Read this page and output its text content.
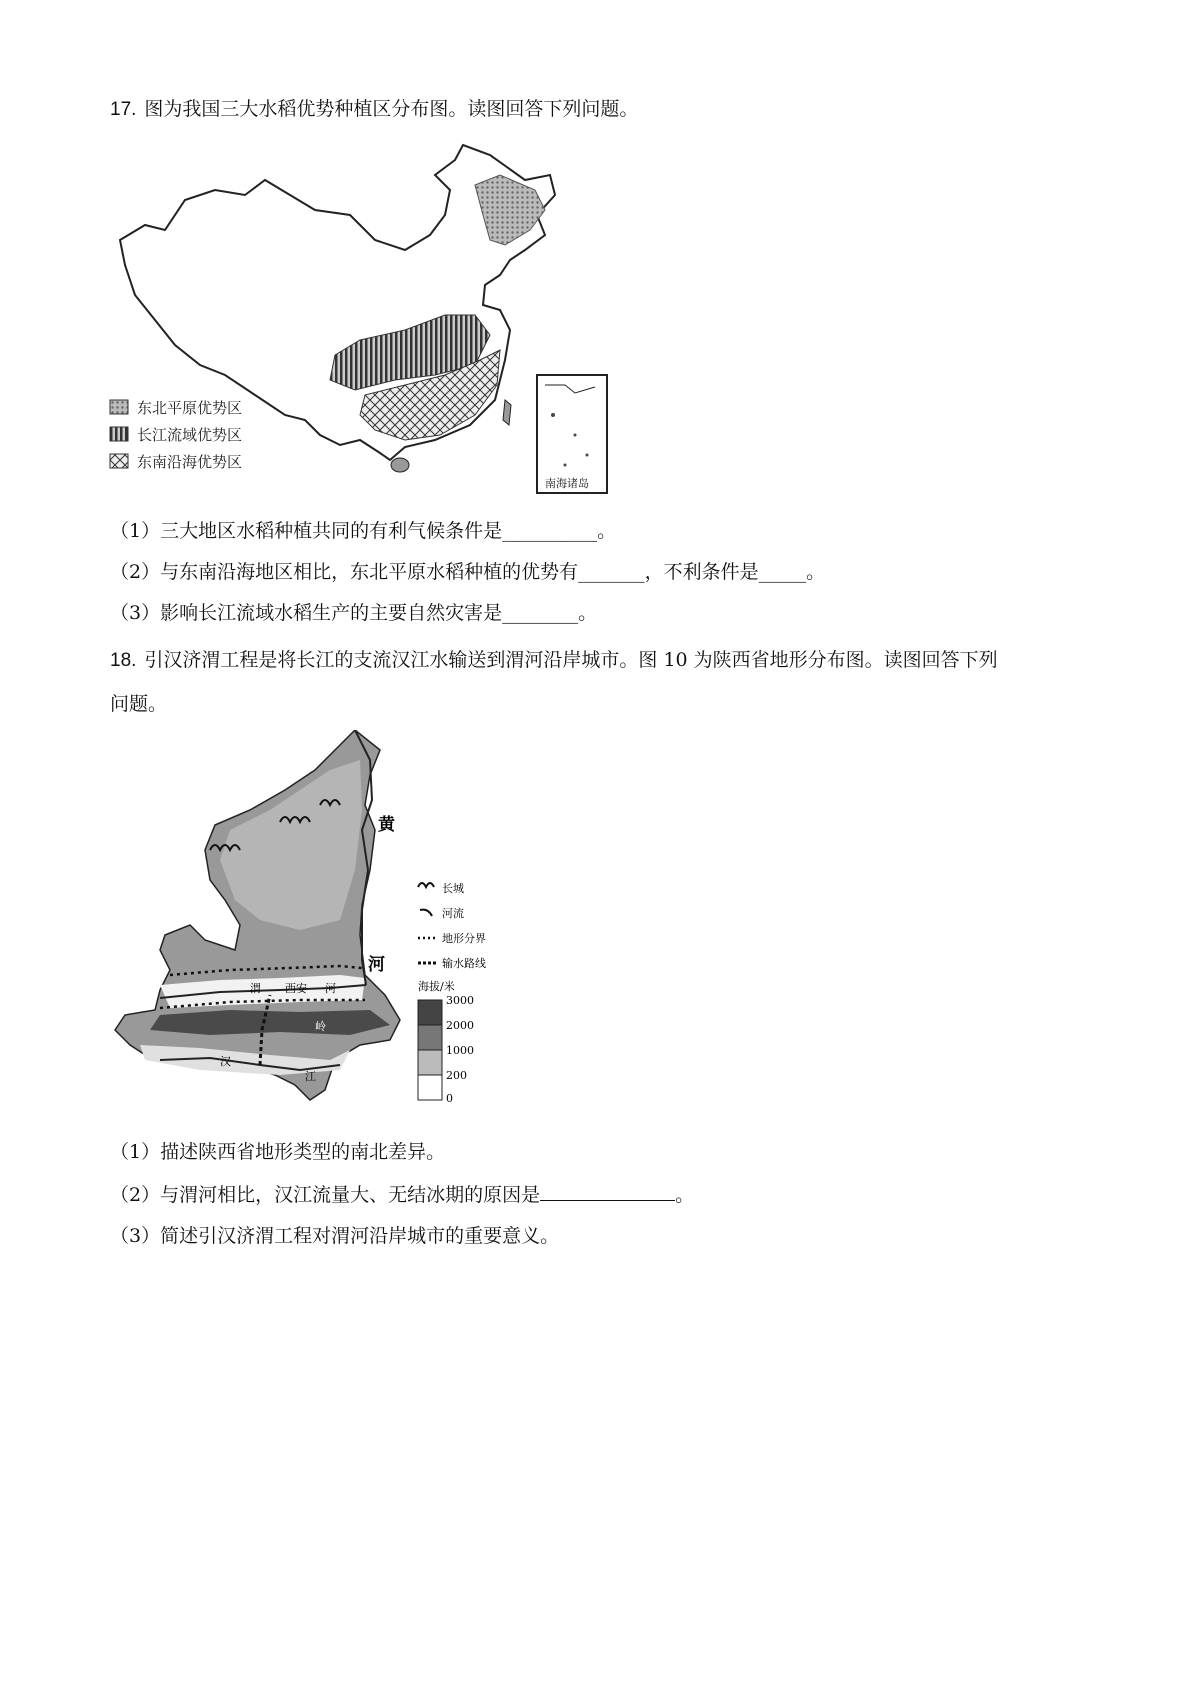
17. 图为我国三大水稻优势种植区分布图。读图回答下列问题。
南海诸岛
东北平原优势区
长江流域优势区
东南沿海优势区
（1）三大地区水稻种植共同的有利气候条件是__________。
（2）与东南沿海地区相比，东北平原水稻种植的优势有_______，不利条件是_____。
（3）影响长江流域水稻生产的主要自然灾害是________。
18. 引汉济渭工程是将长江的支流汉江水输送到渭河沿岸城市。图 10 为陕西省地形分布图。读图回答下列
问题。
黄
河
渭 西安 河
岭
汉
江
长城
河流
地形分界
输水路线
海拔/米
3000
2000
1000
200
0
（1）描述陕西省地形类型的南北差异。
（2）与渭河相比，汉江流量大、无结冰期的原因是	。
（3）简述引汉济渭工程对渭河沿岸城市的重要意义。
